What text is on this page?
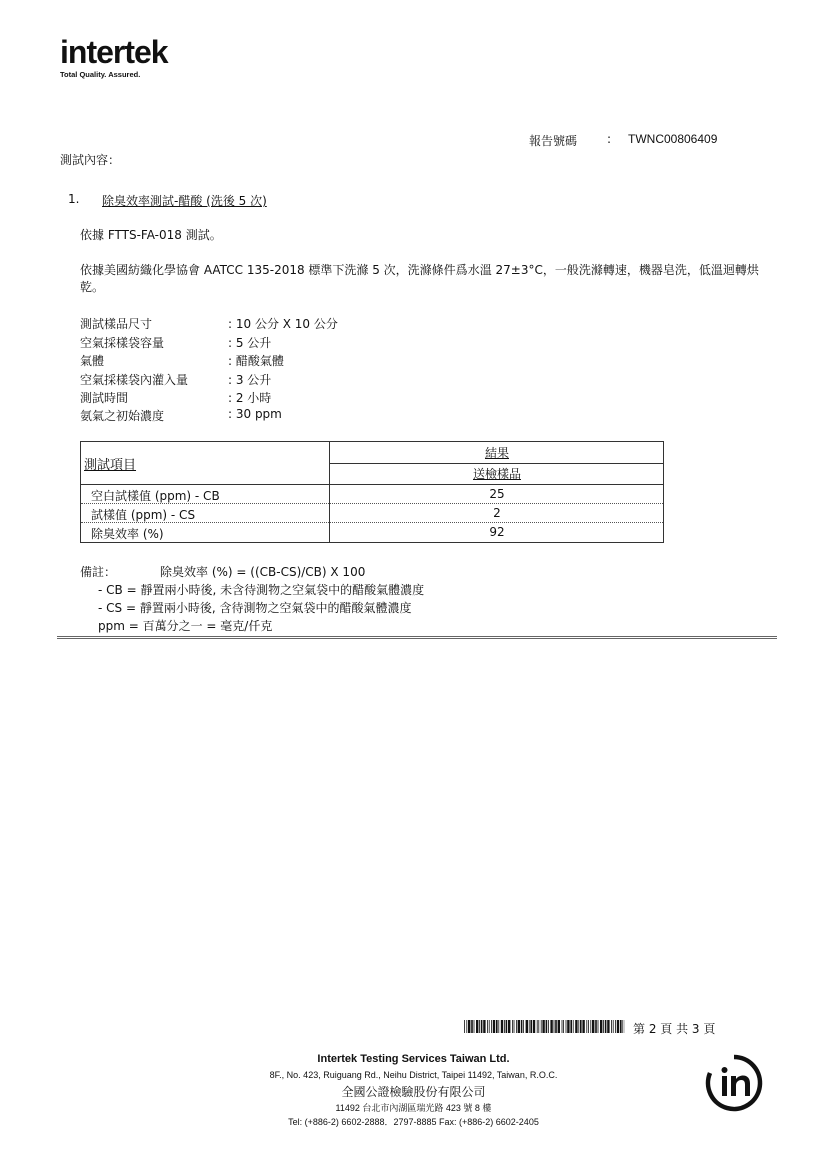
intertek
Total Quality. Assured.
報告號碼 : TWNC00806409
測試內容：
1. 除臭效率測試-醋酸 (洗後 5 次)
依據 FTTS-FA-018 測試。
依據美國紡織化學協會 AATCC 135-2018 標準下洗滌 5 次，洗滌條件爲水溫 27±3°C，一般洗滌轉速，機器皂洗，低溫迴轉烘乾。
測試樣品尺寸	: 10 公分 X 10 公分
空氣採樣袋容量	: 5 公升
氣體	: 醋酸氣體
空氣採樣袋內灌入量	: 3 公升
測試時間	: 2 小時
氨氣之初始濃度	: 30 ppm
測試項目
結果
送檢樣品
空白試樣值 (ppm) - CB	25
試樣值 (ppm) - CS	2
除臭效率 (%)	92
備註：	除臭效率 (%) = ((CB-CS)/CB) X 100
- CB = 靜置兩小時後, 未含待測物之空氣袋中的醋酸氣體濃度
- CS = 靜置兩小時後, 含待測物之空氣袋中的醋酸氣體濃度
ppm = 百萬分之一 = 毫克/仟克
第 2 頁 共 3 頁
Intertek Testing Services Taiwan Ltd.
8F., No. 423, Ruiguang Rd., Neihu District, Taipei 11492, Taiwan, R.O.C.
全國公證檢驗股份有限公司
11492 台北市內湖區瑞光路 423 號 8 樓
Tel: (+886-2) 6602-2888．2797-8885 Fax: (+886-2) 6602-2405
